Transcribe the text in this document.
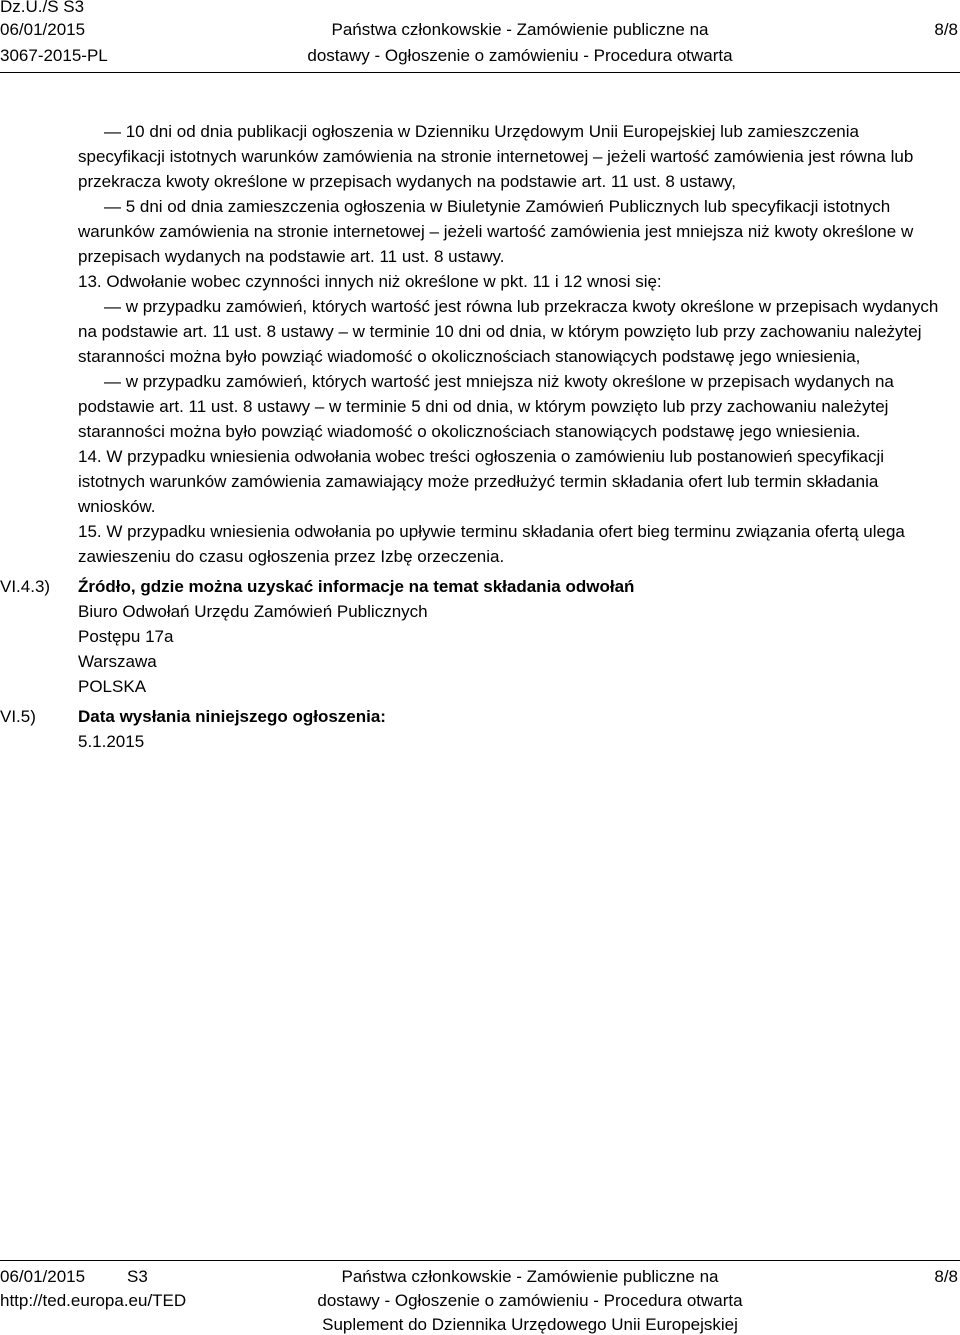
Dz.U./S S3
06/01/2015
3067-2015-PL
Państwa członkowskie - Zamówienie publiczne na
dostawy - Ogłoszenie o zamówieniu - Procedura otwarta
8/8
— 10 dni od dnia publikacji ogłoszenia w Dzienniku Urzędowym Unii Europejskiej lub zamieszczenia
specyfikacji istotnych warunków zamówienia na stronie internetowej – jeżeli wartość zamówienia jest równa lub
przekracza kwoty określone w przepisach wydanych na podstawie art. 11 ust. 8 ustawy,
— 5 dni od dnia zamieszczenia ogłoszenia w Biuletynie Zamówień Publicznych lub specyfikacji istotnych
warunków zamówienia na stronie internetowej – jeżeli wartość zamówienia jest mniejsza niż kwoty określone w
przepisach wydanych na podstawie art. 11 ust. 8 ustawy.
13. Odwołanie wobec czynności innych niż określone w pkt. 11 i 12 wnosi się:
— w przypadku zamówień, których wartość jest równa lub przekracza kwoty określone w przepisach wydanych
na podstawie art. 11 ust. 8 ustawy – w terminie 10 dni od dnia, w którym powzięto lub przy zachowaniu należytej
staranności można było powziąć wiadomość o okolicznościach stanowiących podstawę jego wniesienia,
— w przypadku zamówień, których wartość jest mniejsza niż kwoty określone w przepisach wydanych na
podstawie art. 11 ust. 8 ustawy – w terminie 5 dni od dnia, w którym powzięto lub przy zachowaniu należytej
staranności można było powziąć wiadomość o okolicznościach stanowiących podstawę jego wniesienia.
14. W przypadku wniesienia odwołania wobec treści ogłoszenia o zamówieniu lub postanowień specyfikacji
istotnych warunków zamówienia zamawiający może przedłużyć termin składania ofert lub termin składania
wniosków.
15. W przypadku wniesienia odwołania po upływie terminu składania ofert bieg terminu związania ofertą ulega
zawieszeniu do czasu ogłoszenia przez Izbę orzeczenia.
VI.4.3) Źródło, gdzie można uzyskać informacje na temat składania odwołań
Biuro Odwołań Urzędu Zamówień Publicznych
Postępu 17a
Warszawa
POLSKA
VI.5) Data wysłania niniejszego ogłoszenia:
5.1.2015
06/01/2015 S3
http://ted.europa.eu/TED
Państwa członkowskie - Zamówienie publiczne na
dostawy - Ogłoszenie o zamówieniu - Procedura otwarta
Suplement do Dziennika Urzędowego Unii Europejskiej
8/8
